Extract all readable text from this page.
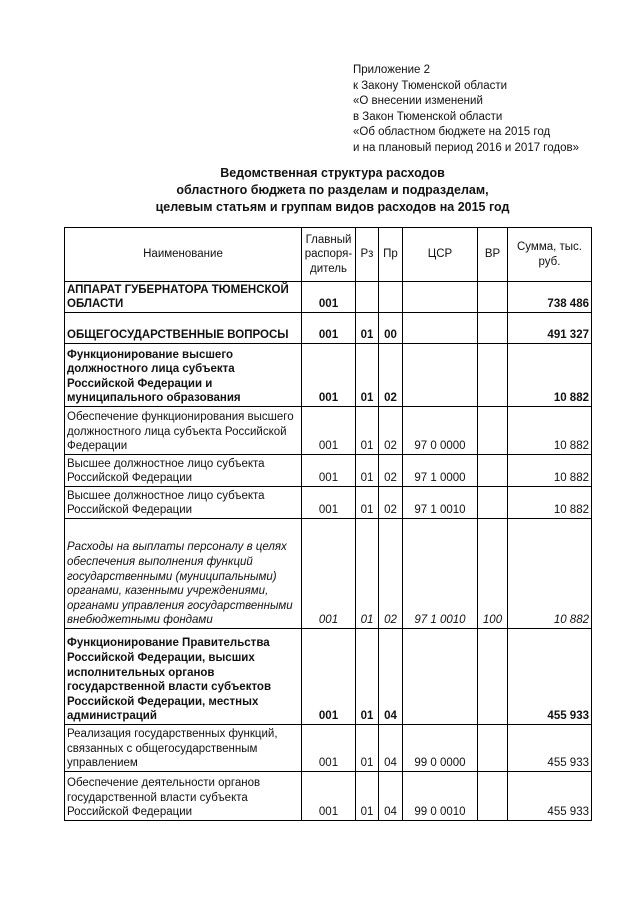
Приложение 2
к Закону Тюменской области
«О внесении изменений
в Закон Тюменской области
«Об областном бюджете на 2015 год
и на плановый период 2016 и 2017 годов»
Ведомственная структура расходов
областного бюджета по разделам и подразделам,
целевым статьям и группам видов расходов на 2015 год
Наименование	Главный распоря-дитель	Рз	Пр	ЦСР	ВР	Сумма, тыс. руб.
АППАРАТ ГУБЕРНАТОРА ТЮМЕНСКОЙ ОБЛАСТИ	001					738 486
ОБЩЕГОСУДАРСТВЕННЫЕ ВОПРОСЫ	001	01	00			491 327
Функционирование высшего должностного лица субъекта Российской Федерации и муниципального образования	001	01	02			10 882
Обеспечение функционирования высшего должностного лица субъекта Российской Федерации	001	01	02	97 0 0000		10 882
Высшее должностное лицо субъекта Российской Федерации	001	01	02	97 1 0000		10 882
Высшее должностное лицо субъекта Российской Федерации	001	01	02	97 1 0010		10 882
Расходы на выплаты персоналу в целях обеспечения выполнения функций государственными (муниципальными) органами, казенными учреждениями, органами управления государственными внебюджетными фондами	001	01	02	97 1 0010	100	10 882
Функционирование Правительства Российской Федерации, высших исполнительных органов государственной власти субъектов Российской Федерации, местных администраций	001	01	04			455 933
Реализация государственных функций, связанных с общегосударственным управлением	001	01	04	99 0 0000		455 933
Обеспечение деятельности органов государственной власти субъекта Российской Федерации	001	01	04	99 0 0010		455 933
